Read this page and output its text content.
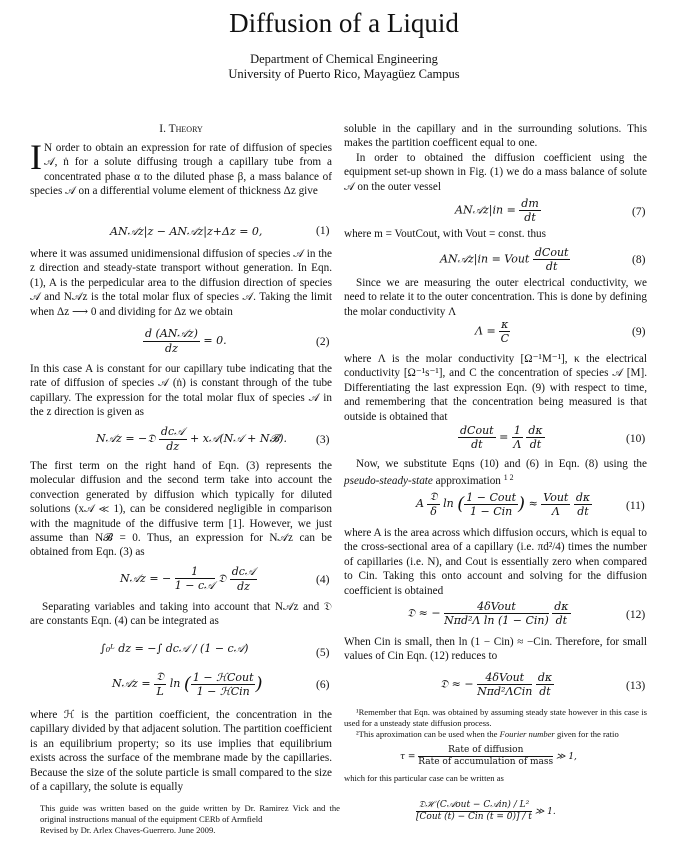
Diffusion of a Liquid
Department of Chemical Engineering
University of Puerto Rico, Mayagüez Campus
I. Theory
I N order to obtain an expression for rate of diffusion of species 𝒜, ṅ for a solute diffusing trough a capillary tube from a concentrated phase α to the diluted phase β, a mass balance of species 𝒜 on a differential volume element of thickness Δz give

AN𝒜z|z − AN𝒜z|z+Δz = 0,	(1)

where it was assumed unidimensional diffusion of species 𝒜 in the z direction and steady-state transport without generation. In Eqn. (1), A is the perpedicular area to the diffusion direction of species 𝒜 and N𝒜z is the total molar flux of species 𝒜. Taking the limit when Δz ⟶ 0 and dividing for Δz we obtain

$\frac{\text{d (AN𝒜z)}}{dz} = 0$.	(2)

In this case A is constant for our capillary tube indicating that the rate of diffusion of species 𝒜 (ṅ) is constant through of the tube capillary. The expression for the total molar flux of species 𝒜 in the z direction is given as

N𝒜z = −𝔇 $\frac{\text{dc𝒜}}{dz}$ + x𝒜(N𝒜 + N𝓑).	(3)

The first term on the right hand of Eqn. (3) represents the molecular diffusion and the second term take into account the convection generated by diffusion which typically for diluted solutions (x𝒜 ≪ 1), can be considered negligible in comparison with the magnitude of the diffusive term [1]. However, we just assume than N𝓑 = 0. Thus, an expression for N𝒜z can be obtained from Eqn. (3) as

N𝒜z = − $\frac{1}{\text{1 − c𝒜}}$ 𝔇 $\frac{\text{dc𝒜}}{dz}$	(4)

Separating variables and taking into account that N𝒜z and 𝔇 are constants Eqn. (4) can be integrated as

∫₀ᴸ dz = −∫ dc𝒜 / (1 − c𝒜)	(5)
N𝒜z = $\frac{\text{𝔇}}{L}$ ln ( $\frac{\text{1 − ℋCout}}{\text{1 − ℋCin}}$ )	(6)

where ℋ is the partition coefficient, the concentration in the capillary divided by that adjacent solution. The partition coefficient is an equilibrium property; so its use implies that equilibrium exists across the surface of the membrane made by the capillaries. Because the size of the solute particle is small compared to the size of a capillary, the solute is equally

This guide was written based on the guide written by Dr. Ramirez Vick and the original instructions manual of the equipment CERb of Armfield

Revised by Dr. Arlex Chaves-Guerrero. June 2009.

soluble in the capillary and in the surrounding solutions. This makes the partition coefficent equal to one.

In order to obtained the diffusion coefficient using the equipment set-up shown in Fig. (1) we do a mass balance of solute 𝒜 on the outer vessel

AN𝒜z|in = $\frac{dm}{dt}$	(7)

where m = VoutCout, with Vout = const. thus

AN𝒜z|in = Vout $\frac{\text{dCout}}{dt}$	(8)

Since we are measuring the outer electrical conductivity, we need to relate it to the outer concentration. This is done by defining the molar conductivity Λ

$\Lambda = \frac{\kappa}{C}$	(9)

where Λ is the molar conductivity [Ω⁻¹M⁻¹], κ the electrical conductivity [Ω⁻¹s⁻¹], and C the concentration of species 𝒜 [M]. Differentiating the last expression Eqn. (9) with respect to time, and remembering that the concentration being measured is that outside is obtained that

$\frac{\text{dCout}}{dt} = \frac{1}{\Lambda}$
$\frac{d\kappa}{dt}$	(10)

Now, we substitute Eqns (10) and (6) in Eqn. (8) using the pseudo-steady-state approximation $^{1 2}$

A $\frac{\text{𝔇}}{\delta}$ ln ( $\frac{\text{1 − Cout}}{\text{1 − Cin}}$ ) ≈ $\frac{\text{Vout}}{\Lambda}$
$\frac{d\kappa}{dt}$	(11)

where A is the area across which diffusion occurs, which is equal to the cross-sectional area of a capillary (i.e. πd²/4) times the number of capillaries (i.e. N), and Cout is essentially zero when compared to Cin. Taking this onto account and solving for the diffusion coefficient is obtained

𝔇 ≈ − $\frac{\text{4δVout}}{\text{Nπd²Λ ln (1 − Cin)}}$
$\frac{d\kappa}{dt}$	(12)

When Cin is small, then ln (1 − Cin) ≈ −Cin. Therefore, for small values of Cin Eqn. (12) reduces to

𝔇 ≈ − $\frac{\text{4δVout}}{\text{Nπd²ΛCin}}$
$\frac{d\kappa}{dt}$	(13)

¹Remember that Eqn. was obtained by assuming steady state however in this case is used for a unsteady state diffusion process.

²This aproximation can be used when the Fourier number given for the ratio

$\tau = \frac{\text{Rate of diffusion}}{\text{Rate of accumulation of mass}}$ ≫ 1,

which for this particular case can be written as

$\frac{\text{𝔇ℋ (C𝒜out − C𝒜in) / L²}}{\text{[Cout (t) − Cin (t = 0)] / t}}$ ≫ 1.
